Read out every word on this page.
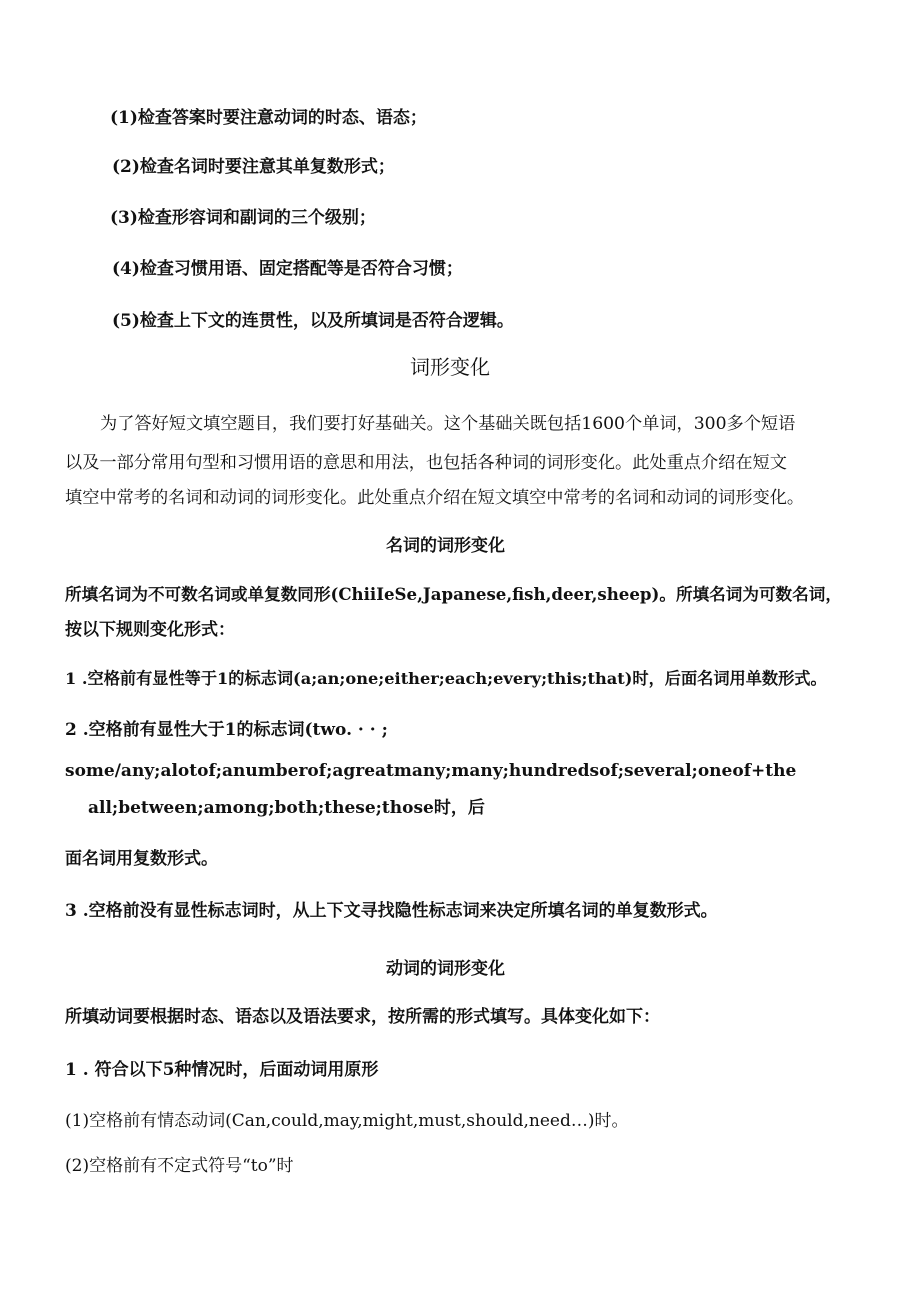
(1)检查答案时要注意动词的时态、语态；

(2)检查名词时要注意其单复数形式；

(3)检查形容词和副词的三个级别；

(4)检查习惯用语、固定搭配等是否符合习惯；

(5)检查上下文的连贯性，以及所填词是否符合逻辑。

词形变化

为了答好短文填空题目，我们要打好基础关。这个基础关既包括1600个单词，300多个短语

以及一部分常用句型和习惯用语的意思和用法，也包括各种词的词形变化。此处重点介绍在短文

填空中常考的名词和动词的词形变化。此处重点介绍在短文填空中常考的名词和动词的词形变化。

名词的词形变化

所填名词为不可数名词或单复数同形(ChiiIeSe,Japanese,fish,deer,sheep)。所填名词为可数名词，

按以下规则变化形式：

1 .空格前有显性等于1的标志词(a;an;one;either;each;every;this;that)时，后面名词用单数形式。

2 .空格前有显性大于1的标志词(two. · · ;

some/any;alotof;anumberof;agreatmany;many;hundredsof;several;oneof+the

all;between;among;both;these;those时，后

面名词用复数形式。

3 .空格前没有显性标志词时，从上下文寻找隐性标志词来决定所填名词的单复数形式。

动词的词形变化

所填动词要根据时态、语态以及语法要求，按所需的形式填写。具体变化如下：

1 . 符合以下5种情况时，后面动词用原形

(1)空格前有情态动词(Can,could,may,might,must,should,need…)时。

(2)空格前有不定式符号“to”时
